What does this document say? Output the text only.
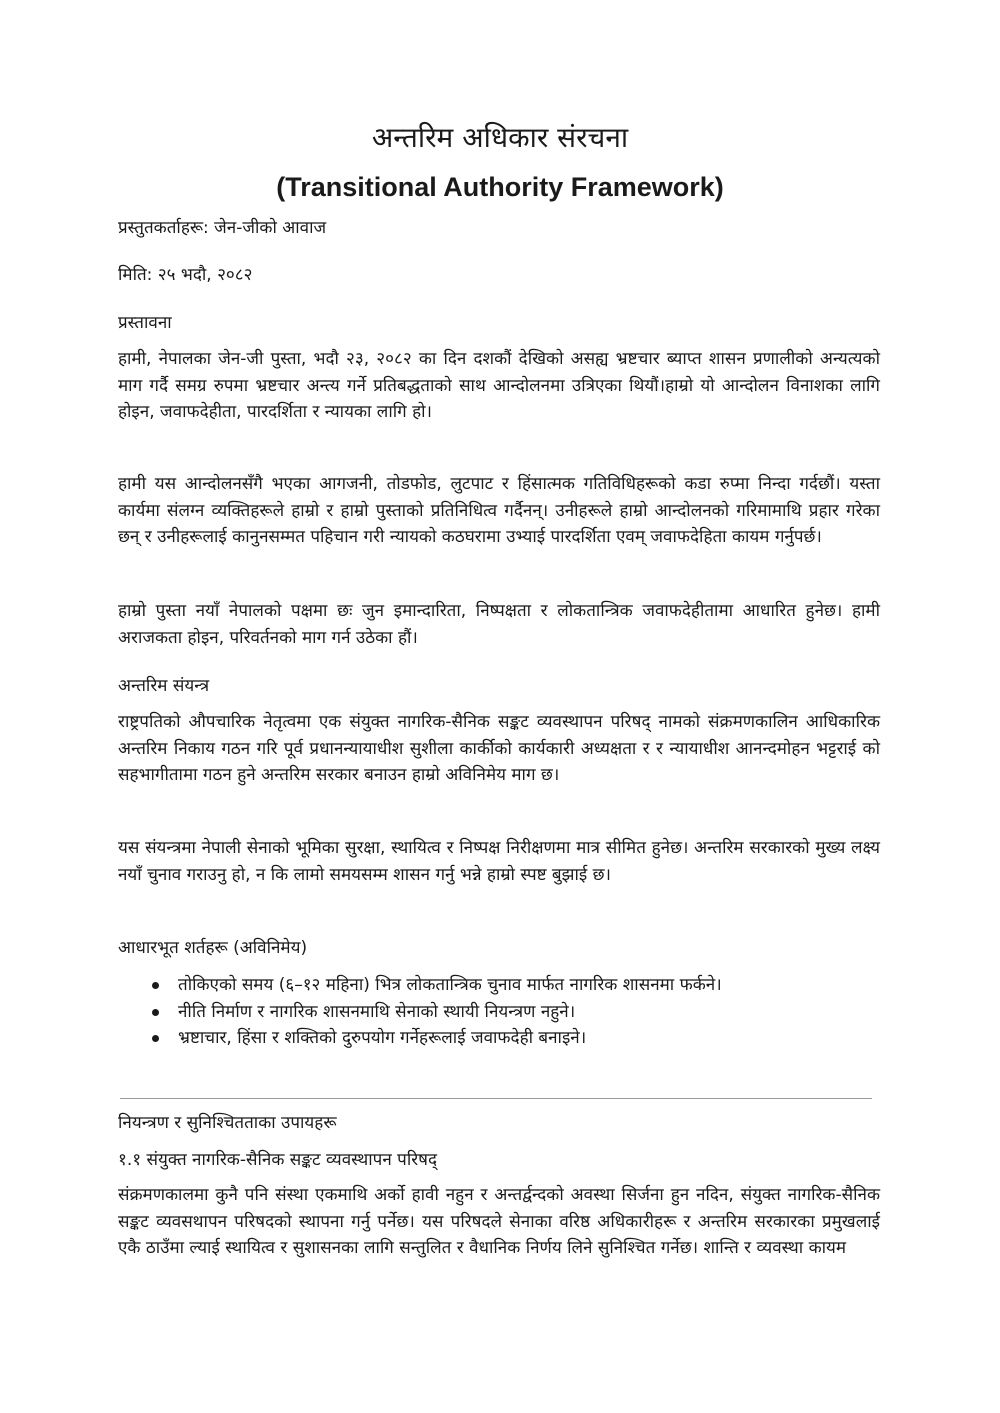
अन्तरिम अधिकार संरचना
(Transitional Authority Framework)

प्रस्तुतकर्ताहरू: जेन-जीको आवाज

मिति: २५ भदौ, २०८२

प्रस्तावना

हामी, नेपालका जेन-जी पुस्ता, भदौ २३, २०८२ का दिन दशकौं देखिको असह्य भ्रष्टचार ब्याप्त शासन प्रणालीको अन्यत्यको माग गर्दै समग्र रुपमा भ्रष्टचार अन्त्य गर्ने प्रतिबद्धताको साथ आन्दोलनमा उत्रिएका थियौं।हाम्रो यो आन्दोलन विनाशका लागि होइन, जवाफदेहीता, पारदर्शिता र न्यायका लागि हो।

हामी यस आन्दोलनसँगै भएका आगजनी, तोडफोड, लुटपाट र हिंसात्मक गतिविधिहरूको कडा रुप्मा निन्दा गर्दछौं। यस्ता कार्यमा संलग्न व्यक्तिहरूले हाम्रो र हाम्रो पुस्ताको प्रतिनिधित्व गर्दैनन्। उनीहरूले हाम्रो आन्दोलनको गरिमामाथि प्रहार गरेका छन् र उनीहरूलाई कानुनसम्मत पहिचान गरी न्यायको कठघरामा उभ्याई पारदर्शिता एवम् जवाफदेहिता कायम गर्नुपर्छ।

हाम्रो पुस्ता नयाँ नेपालको पक्षमा छः जुन इमान्दारिता, निष्पक्षता र लोकतान्त्रिक जवाफदेहीतामा आधारित हुनेछ। हामी अराजकता होइन, परिवर्तनको माग गर्न उठेका हौं।

अन्तरिम संयन्त्र

राष्ट्रपतिको औपचारिक नेतृत्वमा एक संयुक्त नागरिक-सैनिक सङ्कट व्यवस्थापन परिषद् नामको संक्रमणकालिन आधिकारिक अन्तरिम निकाय गठन गरि पूर्व प्रधानन्यायाधीश सुशीला कार्कीको कार्यकारी अध्यक्षता र र न्यायाधीश आनन्दमोहन भट्टराई को सहभागीतामा गठन हुने अन्तरिम सरकार बनाउन हाम्रो अविनिमेय माग छ।

यस संयन्त्रमा नेपाली सेनाको भूमिका सुरक्षा, स्थायित्व र निष्पक्ष निरीक्षणमा मात्र सीमित हुनेछ। अन्तरिम सरकारको मुख्य लक्ष्य नयाँ चुनाव गराउनु हो, न कि लामो समयसम्म शासन गर्नु भन्ने हाम्रो स्पष्ट बुझाई छ।

आधारभूत शर्तहरू (अविनिमेय)

तोकिएको समय (६–१२ महिना) भित्र लोकतान्त्रिक चुनाव मार्फत नागरिक शासनमा फर्कने।
नीति निर्माण र नागरिक शासनमाथि सेनाको स्थायी नियन्त्रण नहुने।
भ्रष्टाचार, हिंसा र शक्तिको दुरुपयोग गर्नेहरूलाई जवाफदेही बनाइने।

नियन्त्रण र सुनिश्चितताका उपायहरू

१.१ संयुक्त नागरिक-सैनिक सङ्कट व्यवस्थापन परिषद्

संक्रमणकालमा कुनै पनि संस्था एकमाथि अर्को हावी नहुन र अन्तर्द्वन्दको अवस्था सिर्जना हुन नदिन, संयुक्त नागरिक-सैनिक सङ्कट व्यवसथापन परिषदको स्थापना गर्नु पर्नेछ। यस परिषदले सेनाका वरिष्ठ अधिकारीहरू र अन्तरिम सरकारका प्रमुखलाई एकै ठाउँमा ल्याई स्थायित्व र सुशासनका लागि सन्तुलित र वैधानिक निर्णय लिने सुनिश्चित गर्नेछ। शान्ति र व्यवस्था कायम
